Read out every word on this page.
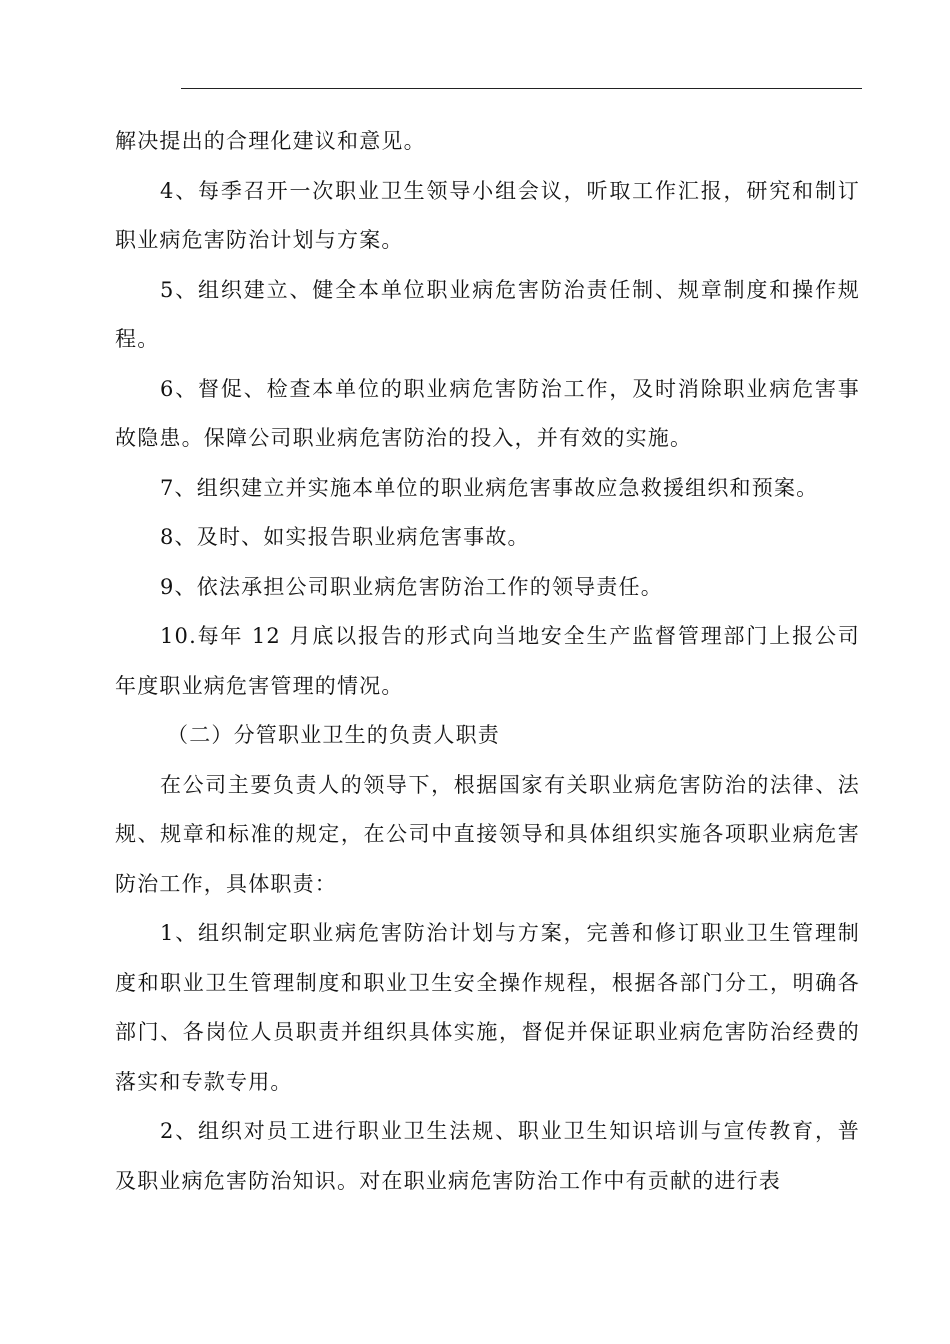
解决提出的合理化建议和意见。

4、每季召开一次职业卫生领导小组会议，听取工作汇报，研究和制订职业病危害防治计划与方案。

5、组织建立、健全本单位职业病危害防治责任制、规章制度和操作规程。

6、督促、检查本单位的职业病危害防治工作，及时消除职业病危害事故隐患。保障公司职业病危害防治的投入，并有效的实施。

7、组织建立并实施本单位的职业病危害事故应急救援组织和预案。

8、及时、如实报告职业病危害事故。

9、依法承担公司职业病危害防治工作的领导责任。

10.每年 12 月底以报告的形式向当地安全生产监督管理部门上报公司年度职业病危害管理的情况。

（二）分管职业卫生的负责人职责

在公司主要负责人的领导下，根据国家有关职业病危害防治的法律、法规、规章和标准的规定，在公司中直接领导和具体组织实施各项职业病危害防治工作，具体职责：

1、组织制定职业病危害防治计划与方案，完善和修订职业卫生管理制度和职业卫生管理制度和职业卫生安全操作规程，根据各部门分工，明确各部门、各岗位人员职责并组织具体实施，督促并保证职业病危害防治经费的落实和专款专用。

2、组织对员工进行职业卫生法规、职业卫生知识培训与宣传教育，普及职业病危害防治知识。对在职业病危害防治工作中有贡献的进行表
